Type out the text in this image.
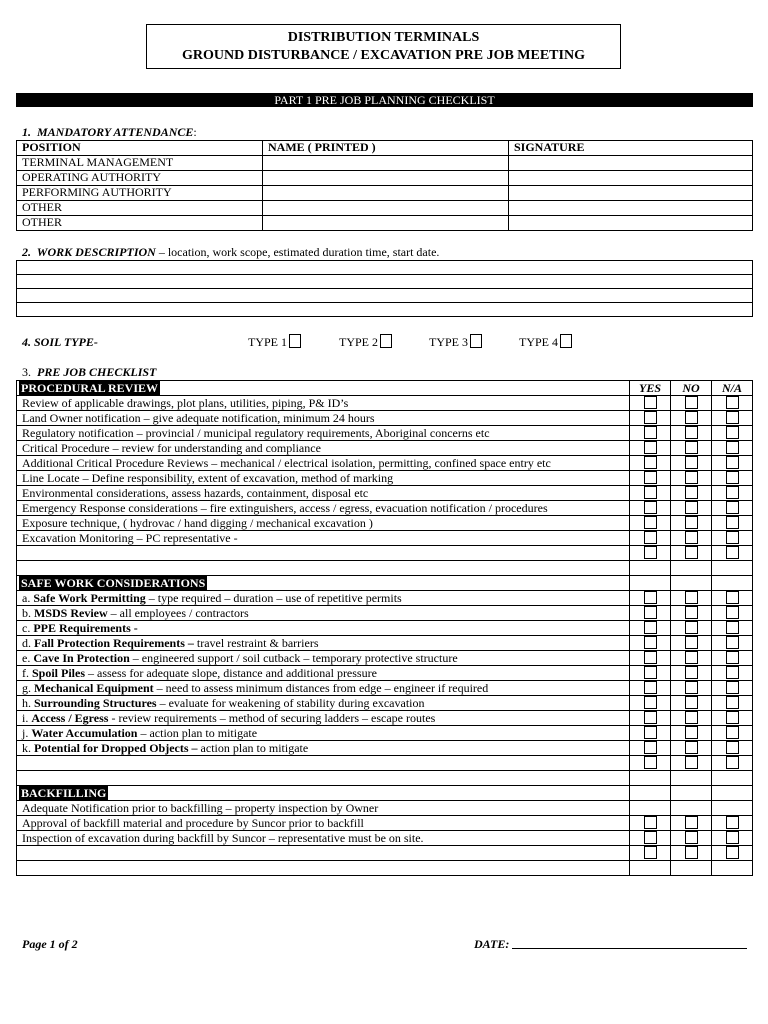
DISTRIBUTION TERMINALS
GROUND DISTURBANCE / EXCAVATION PRE JOB MEETING
PART 1 PRE JOB PLANNING CHECKLIST
1. MANDATORY ATTENDANCE:
POSITION	NAME ( PRINTED )	SIGNATURE
TERMINAL MANAGEMENT		
OPERATING AUTHORITY		
PERFORMING AUTHORITY		
OTHER		
OTHER		
2. WORK DESCRIPTION – location, work scope, estimated duration time, start date.

4. SOIL TYPE-	TYPE 1	TYPE 2	TYPE 3	TYPE 4
3. PRE JOB CHECKLIST
PROCEDURAL REVIEW	YES	NO	N/A
Review of applicable drawings, plot plans, utilities, piping, P& ID’s			
Land Owner notification – give adequate notification, minimum 24 hours			
Regulatory notification – provincial / municipal regulatory requirements, Aboriginal concerns etc			
Critical Procedure – review for understanding and compliance			
Additional Critical Procedure Reviews – mechanical / electrical isolation, permitting, confined space entry etc			
Line Locate – Define responsibility, extent of excavation, method of marking			
Environmental considerations, assess hazards, containment, disposal etc			
Emergency Response considerations – fire extinguishers, access / egress, evacuation notification / procedures			
Exposure technique, ( hydrovac / hand digging / mechanical excavation )			
Excavation Monitoring – PC representative -			

SAFE WORK CONSIDERATIONS			
a. Safe Work Permitting – type required – duration – use of repetitive permits			
b. MSDS Review – all employees / contractors			
c. PPE Requirements -			
d. Fall Protection Requirements – travel restraint & barriers			
e. Cave In Protection – engineered support / soil cutback – temporary protective structure			
f. Spoil Piles – assess for adequate slope, distance and additional pressure			
g. Mechanical Equipment – need to assess minimum distances from edge – engineer if required			
h. Surrounding Structures – evaluate for weakening of stability during excavation			
i. Access / Egress - review requirements – method of securing ladders – escape routes			
j. Water Accumulation – action plan to mitigate			
k. Potential for Dropped Objects – action plan to mitigate			

BACKFILLING			
Adequate Notification prior to backfilling – property inspection by Owner			
Approval of backfill material and procedure by Suncor prior to backfill			
Inspection of excavation during backfill by Suncor – representative must be on site.			

Page 1 of 2	DATE:
